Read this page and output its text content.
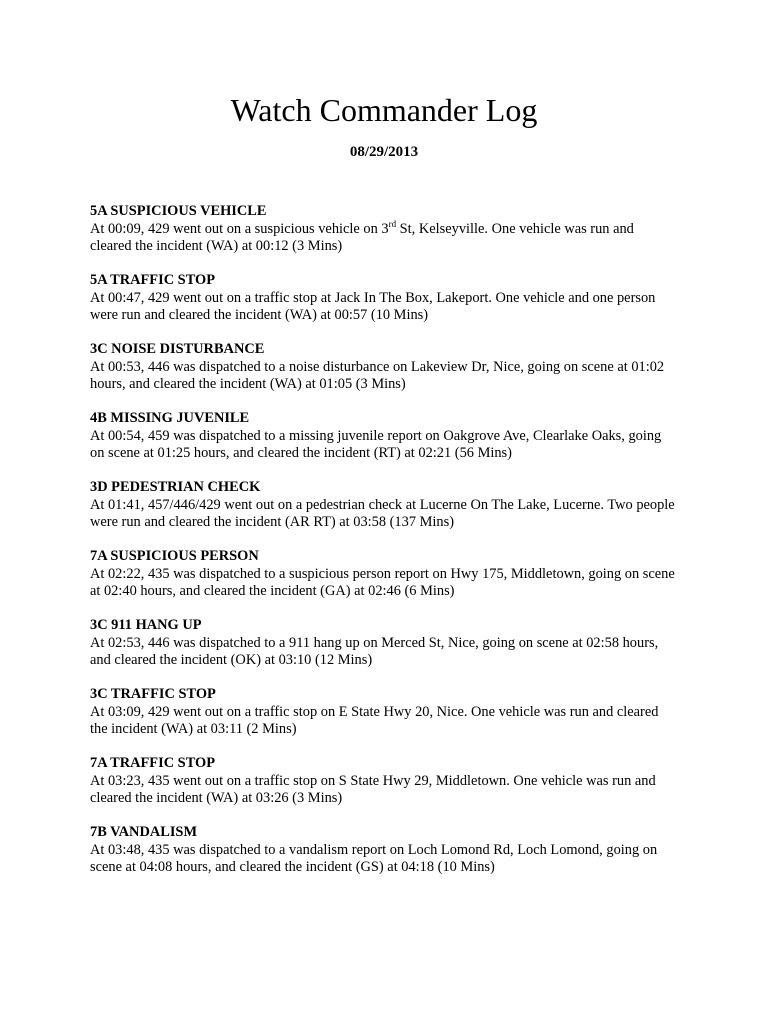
Watch Commander Log
08/29/2013
5A SUSPICIOUS VEHICLE
At 00:09, 429 went out on a suspicious vehicle on 3rd St, Kelseyville. One vehicle was run and cleared the incident (WA) at 00:12 (3 Mins)
5A TRAFFIC STOP
At 00:47, 429 went out on a traffic stop at Jack In The Box, Lakeport. One vehicle and one person were run and cleared the incident (WA) at 00:57 (10 Mins)
3C NOISE DISTURBANCE
At 00:53, 446 was dispatched to a noise disturbance on Lakeview Dr, Nice, going on scene at 01:02 hours, and cleared the incident (WA) at 01:05 (3 Mins)
4B MISSING JUVENILE
At 00:54, 459 was dispatched to a missing juvenile report on Oakgrove Ave, Clearlake Oaks, going on scene at 01:25 hours, and cleared the incident (RT) at 02:21 (56 Mins)
3D PEDESTRIAN CHECK
At 01:41, 457/446/429 went out on a pedestrian check at Lucerne On The Lake, Lucerne. Two people were run and cleared the incident (AR RT) at 03:58 (137 Mins)
7A SUSPICIOUS PERSON
At 02:22, 435 was dispatched to a suspicious person report on Hwy 175, Middletown, going on scene at 02:40 hours, and cleared the incident (GA) at 02:46 (6 Mins)
3C 911 HANG UP
At 02:53, 446 was dispatched to a 911 hang up on Merced St, Nice, going on scene at 02:58 hours, and cleared the incident (OK) at 03:10 (12 Mins)
3C TRAFFIC STOP
At 03:09, 429 went out on a traffic stop on E State Hwy 20, Nice. One vehicle was run and cleared the incident (WA) at 03:11 (2 Mins)
7A TRAFFIC STOP
At 03:23, 435 went out on a traffic stop on S State Hwy 29, Middletown. One vehicle was run and cleared the incident (WA) at 03:26 (3 Mins)
7B VANDALISM
At 03:48, 435 was dispatched to a vandalism report on Loch Lomond Rd, Loch Lomond, going on scene at 04:08 hours, and cleared the incident (GS) at 04:18 (10 Mins)
